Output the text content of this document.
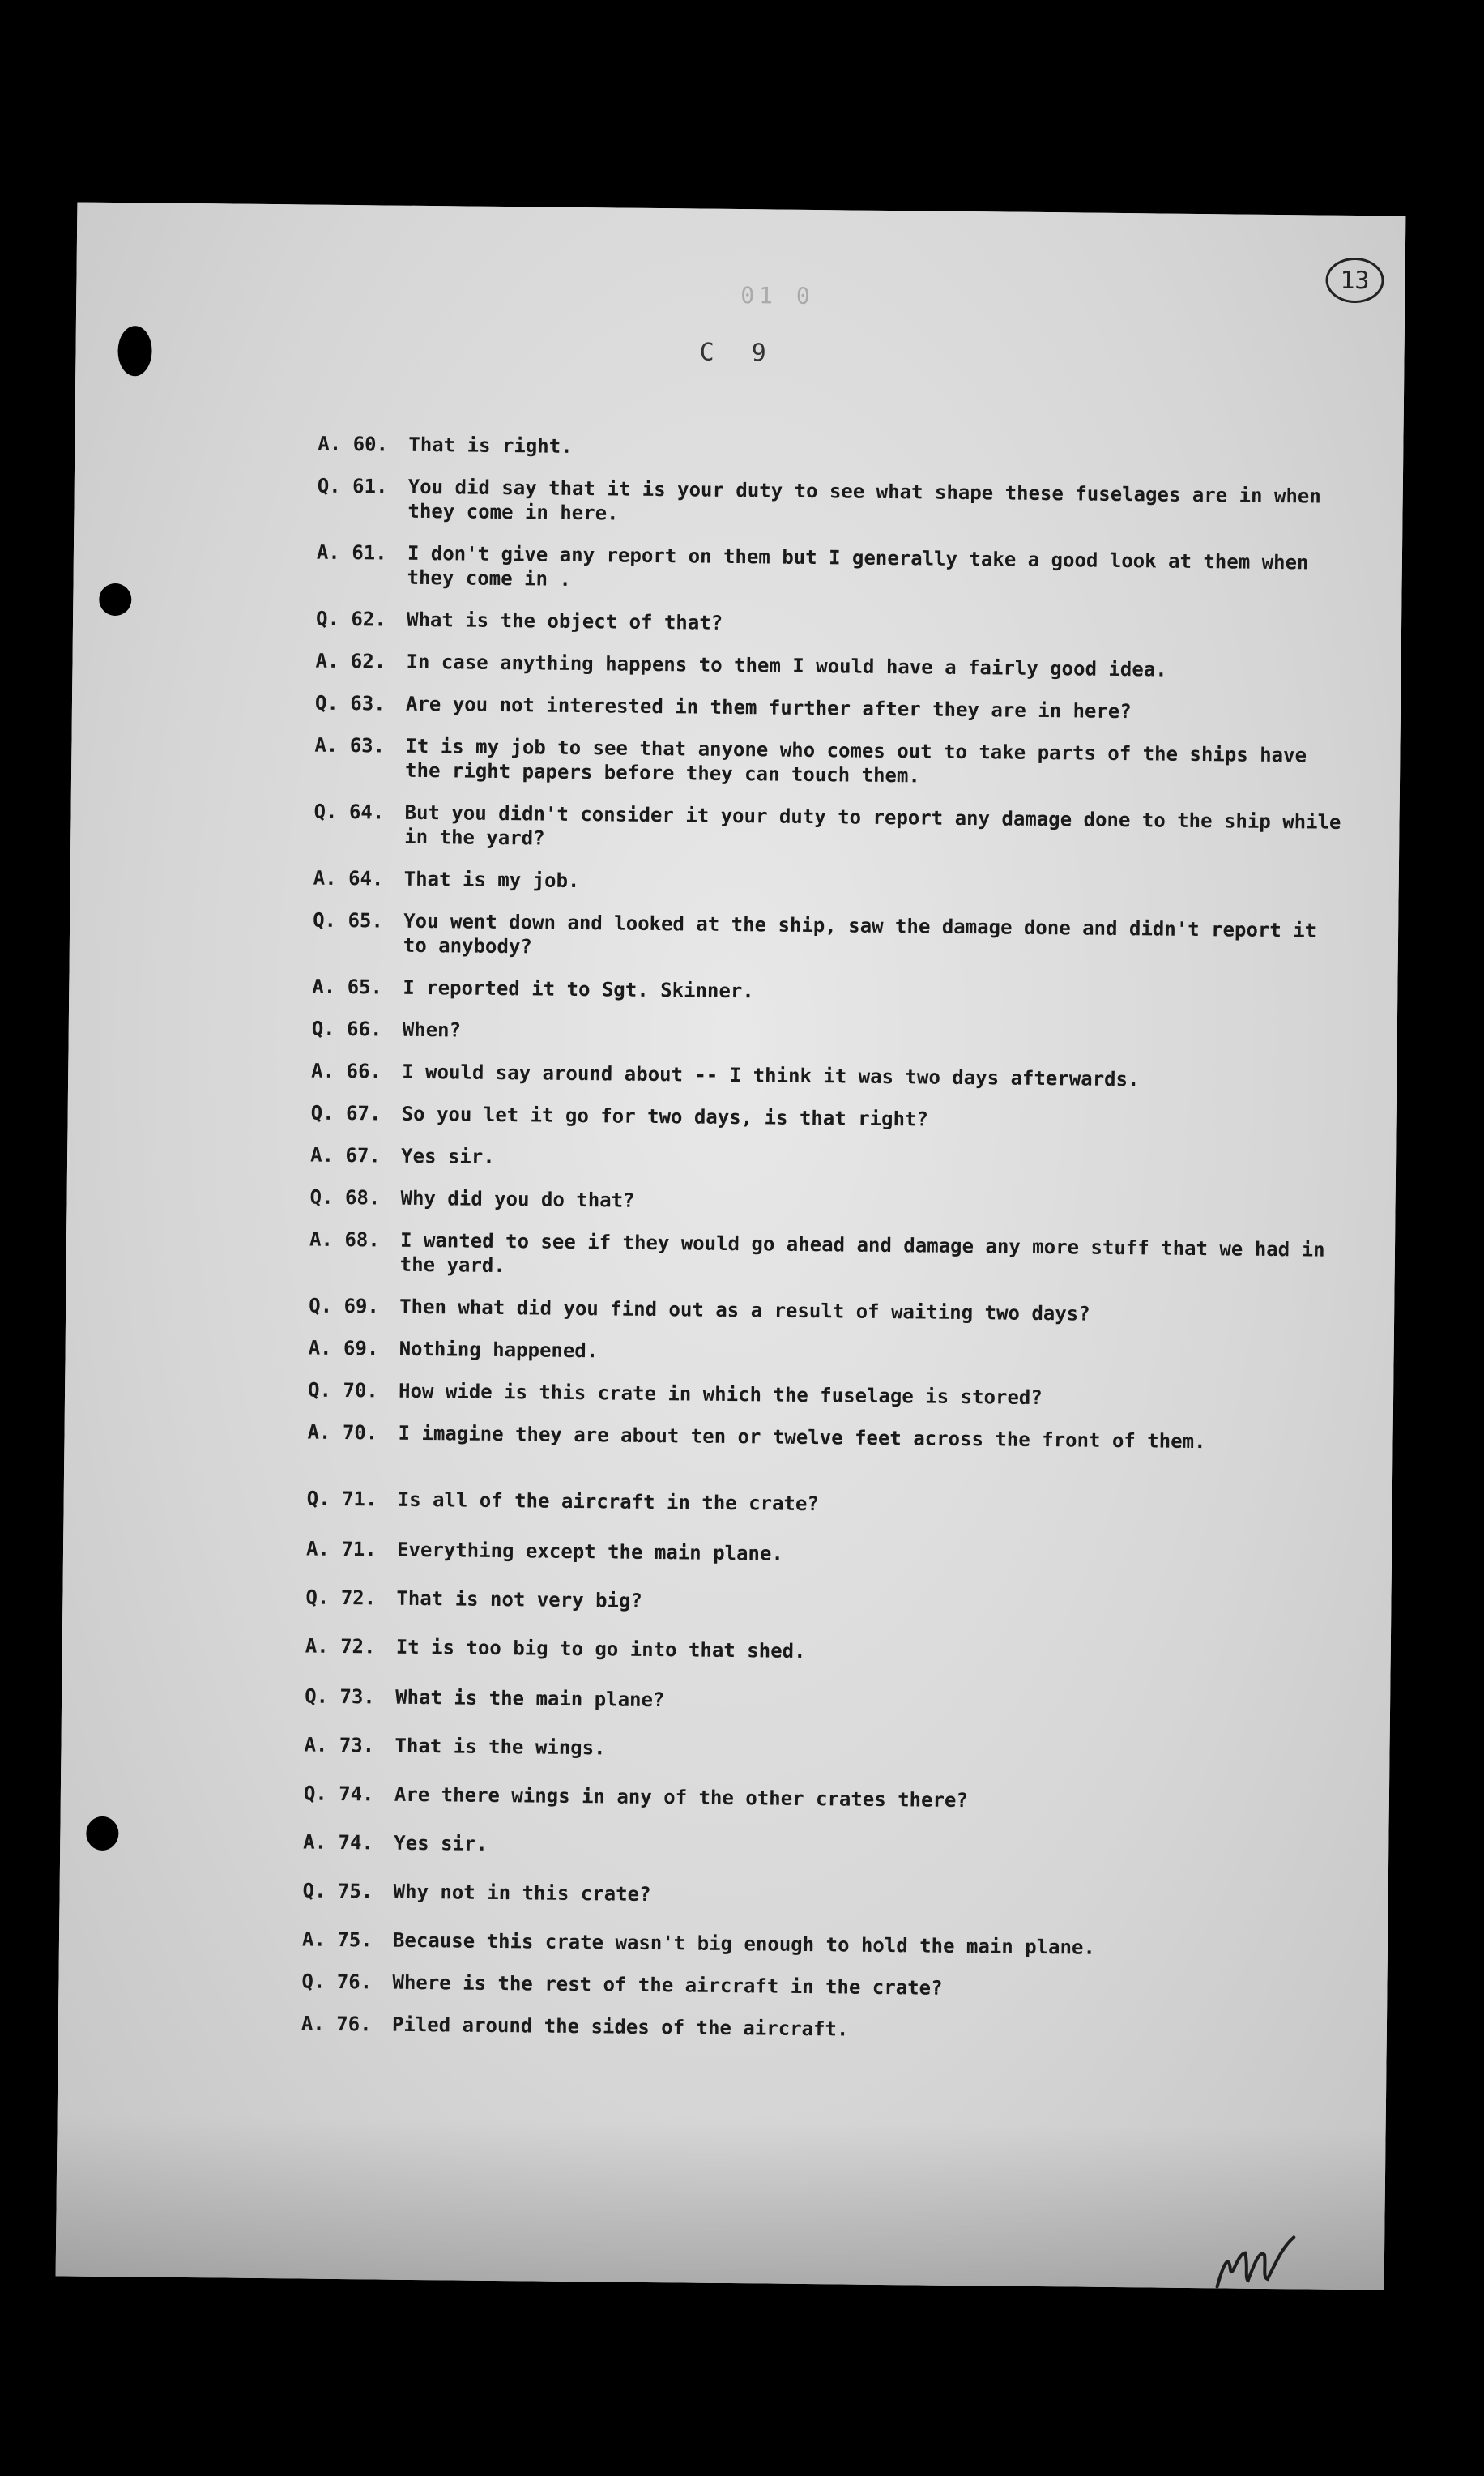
01 0
C 9
13
A. 60.	That is right.
Q. 61.	You did say that it is your duty to see what shape these fuselages are in when they come in here.
A. 61.	I don't give any report on them but I generally take a good look at them when they come in .
Q. 62.	What is the object of that?
A. 62.	In case anything happens to them I would have a fairly good idea.
Q. 63.	Are you not interested in them further after they are in here?
A. 63.	It is my job to see that anyone who comes out to take parts of the ships have the right papers before they can touch them.
Q. 64.	But you didn't consider it your duty to report any damage done to the ship while in the yard?
A. 64.	That is my job.
Q. 65.	You went down and looked at the ship, saw the damage done and didn't report it to anybody?
A. 65.	I reported it to Sgt. Skinner.
Q. 66.	When?
A. 66.	I would say around about -- I think it was two days afterwards.
Q. 67.	So you let it go for two days, is that right?
A. 67.	Yes sir.
Q. 68.	Why did you do that?
A. 68.	I wanted to see if they would go ahead and damage any more stuff that we had in the yard.
Q. 69.	Then what did you find out as a result of waiting two days?
A. 69.	Nothing happened.
Q. 70.	How wide is this crate in which the fuselage is stored?
A. 70.	I imagine they are about ten or twelve feet across the front of them.
Q. 71.	Is all of the aircraft in the crate?
A. 71.	Everything except the main plane.
Q. 72.	That is not very big?
A. 72.	It is too big to go into that shed.
Q. 73.	What is the main plane?
A. 73.	That is the wings.
Q. 74.	Are there wings in any of the other crates there?
A. 74.	Yes sir.
Q. 75.	Why not in this crate?
A. 75.	Because this crate wasn't big enough to hold the main plane.
Q. 76.	Where is the rest of the aircraft in the crate?
A. 76.	Piled around the sides of the aircraft.
